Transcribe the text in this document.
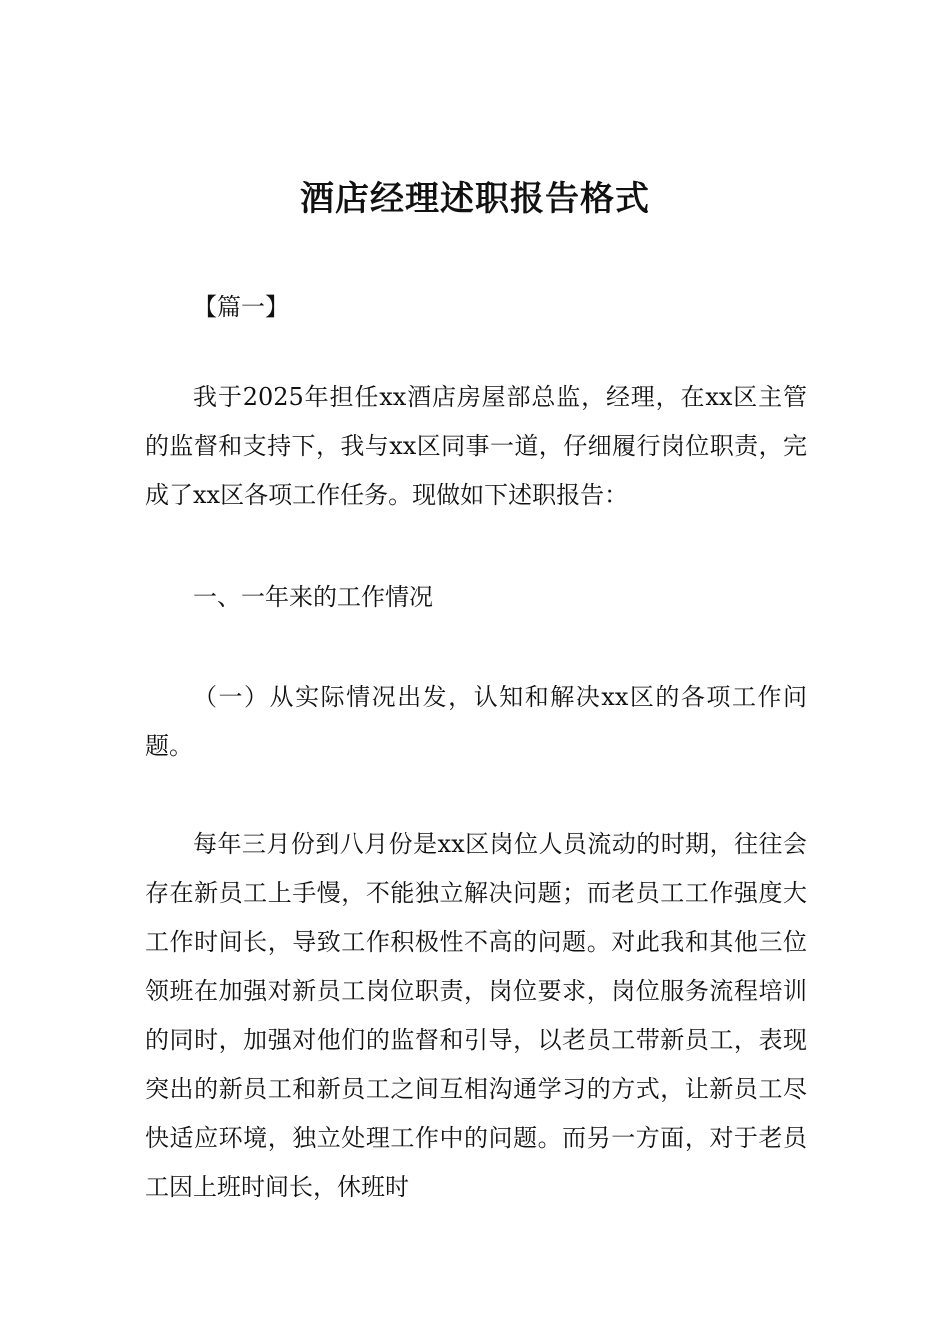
酒店经理述职报告格式

【篇一】

我于2025年担任xx酒店房屋部总监，经理，在xx区主管的监督和支持下，我与xx区同事一道，仔细履行岗位职责，完成了xx区各项工作任务。现做如下述职报告：

一、一年来的工作情况

（一）从实际情况出发，认知和解决xx区的各项工作问题。

每年三月份到八月份是xx区岗位人员流动的时期，往往会存在新员工上手慢，不能独立解决问题；而老员工工作强度大工作时间长，导致工作积极性不高的问题。对此我和其他三位领班在加强对新员工岗位职责，岗位要求，岗位服务流程培训的同时，加强对他们的监督和引导，以老员工带新员工，表现突出的新员工和新员工之间互相沟通学习的方式，让新员工尽快适应环境，独立处理工作中的问题。而另一方面，对于老员工因上班时间长，休班时
